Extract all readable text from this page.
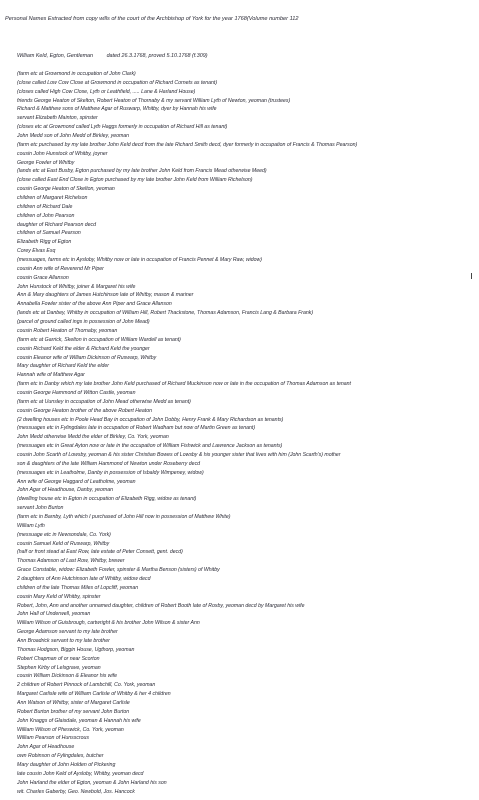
Personal Names Extracted from copy wills of the court of the Archbishop of York for the year 1768(Volume number 112
William Keld, Egton, Gentleman	dated 26.3.1768, proved 5.10.1768 (f.309)
(farm etc at Growmond in occupation of John Clark)
(close called Low Cow Close at Growmond in occupation of Richard Cornets as tenant)
(closes called High Cow Close, Lyth or Leathfield, ..... Lane & Harland House)
friends George Heaton of Skelton, Robert Heaton of Thornaby & my servant William Lyth of Newton, yeoman (trustees)
Richard & Matthew sons of Matthew Agar of Ruswarp, Whitby, dyer by Hannah his wife
servant Elizabeth Mainton, spinster
(closes etc at Growmond called Lyth Haggs formerly in occupation of Richard Hill as tenant)
John Medd son of John Medd of Birkley, yeoman
(farm etc purchased by my late brother John Keld decd from the late Richard Smith decd, dyer formerly in occupation of Francis & Thomas Pearson)
cousin John Hunstock of Whitby, joyner
George Fowler of Whitby
(lands etc at East Busby, Egton purchased by my late brother John Keld from Francis Mead otherwise Meed)
(close called East End Close in Egton purchased by my late brother John Keld from William Richelson)
cousin George Heaton of Skelton, yeoman
children of Margaret Richelson
children of Richard Dale
children of John Pearson
daughter of Richard Pearson decd
children of Samuel Pearson
Elizabeth Rigg of Egton
Corey Elvas Esq
(messuages, farms etc in Aysloby, Whitby now or late in occupation of Francis Pennet & Mary Raw, widow)
cousin Ann wife of Reverend Mr Piper
cousin Grace Allanson
John Hunstock of Whitby, joiner & Margaret his wife
Ann & Mary daughters of James Hutchinson late of Whitby, mason & mariner
Annabella Fowler sister of the above Ann Piper and Grace Allanson
(lands etc at Danbey, Whitby in occupation of William Hill, Robert Thackstone, Thomas Adamson, Francis Lang & Barbara Frank)
(parcel of ground called ings in possession of John Mead)
cousin Robert Heaton of Thornaby, yeoman
(farm etc at Garrick, Skelton in occupation of William Wardell as tenant)
cousin Richard Keld the elder & Richard Keld the younger
cousin Eleanor wife of William Dickinson of Ruswarp, Whitby
Mary daughter of Richard Keld the elder
Hannah wife of Matthew Agar
(farm etc in Danby which my late brother John Keld purchased of Richard Muckinson now or late in the occupation of Thomas Adamson as tenant
cousin George Hammond of Witton Castle, yeoman
(farm etc at Uunsley in occupation of John Mead otherwise Medd as tenant)
cousin George Heaton brother of the above Robert Heaton
(2 dwelling houses etc in Poole Head Bay in occupation of John Dobby, Henry Frank & Mary Richardson as tenants)
(messuages etc in Fylingdales late in occupation of Robert Wadham but now of Martin Green as tenant)
John Medd otherwise Medd the elder of Birkley, Co. York, yeoman
(messuages etc in Great Ayton now or late in the occupation of William Fishwick and Lawrence Jackson as tenants)
cousin John Scarth of Lowsby, yeoman & his sister Christian Bowes of Lowsby & his younger sister that lives with him (John Scarth's) mother
son & daughters of the late William Hammond of Newton under Roseberry decd
(messuages etc in Leatholme, Danby in possession of Isbaldy Wimpeney, widow)
Ann wife of George Haggard of Leatholme, yeoman
John Agar of Headhouse, Danby, yeoman
(dwelling house etc in Egton in occupation of Elizabeth Rigg, widow as tenant)
servant John Burton
(farm etc in Barnby, Lyth which I purchased of John Hill now in possession of Matthew White)
William Lyth
(messuage etc in Newsondale, Co. York)
cousin Samuel Keld of Ruswarp, Whitby
(half or front stead at East Row, late estate of Peter Consett, gent. decd)
Thomas Adamson of Last Row, Whitby, brewer
Grace Constable, widow: Elizabeth Fowler, spinster & Martha Benson (sisters) of Whitby
2 daughters of Ann Hutchinson late of Whitby, widow decd
children of the late Thomas Miles of Lopcliff, yeoman
cousin Mary Keld of Whitby, spinster
Robert, John, Ann and another unnamed daughter, children of Robert Booth late of Roxby, yeoman decd by Margaret his wife
John Hall of Underwell, yeoman
William Wilson of Guisbrough, cartwright & his brother John Wilson & sister Ann
George Adamson servant to my late brother
Ann Broadrick servant to my late brother
Thomas Hodgson, Biggin House, Ugthorp, yeoman
Robert Chapman of or near Scorton
Stephen Kirby of Lelsgrave, yeoman
cousin William Dickinson & Eleanor his wife
2 children of Robert Pinnock of Lambchill, Co. York, yeoman
Margaret Carlisle wife of William Carlisle of Whitby & her 4 children
Ann Watson of Whitby, sister of Margaret Carlisle
Robert Burton brother of my servant John Burton
John Knaggs of Glaisdale, yeoman & Hannah his wife
William Wilson of Pheswick, Co. York, yeoman
William Pearson of Hunsscrous
John Agar of Headhouse
own Robinson of Fylingdales, butcher
Mary daughter of John Holden of Pickering
late cousin John Keld of Aysloby, Whitby, yeoman decd
John Harland the elder of Egton, yeoman & John Harland his son
wit. Charles Gaberby, Geo. Newbold, Jos. Hancock
